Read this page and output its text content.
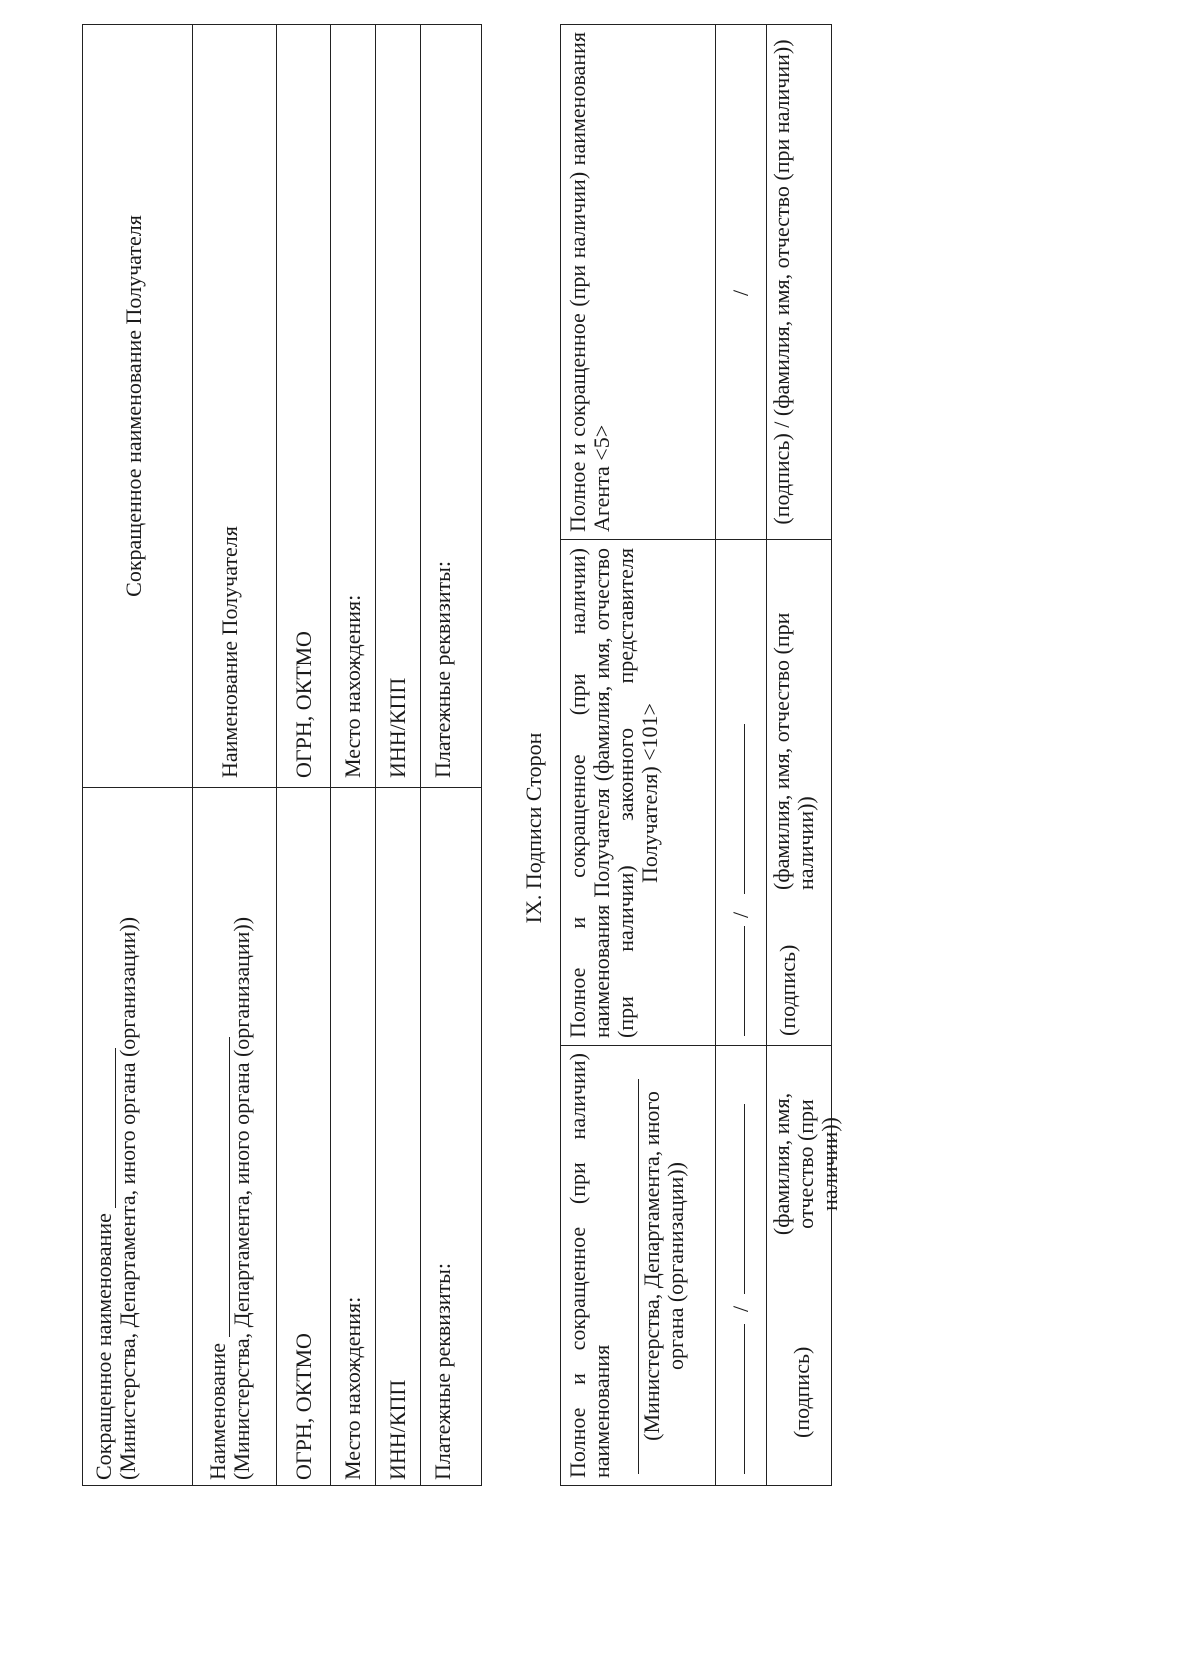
Сокращенное наименование
(Министерства, Департамента, иного органа (организации))	Наименование
(Министерства, Департамента, иного органа (организации)) ОГРН, ОКТМО Место нахождения: ИНН/КПП Платежные реквизиты:
Сокращенное наименование Получателя
Наименование Получателя ОГРН, ОКТМО Место нахождения: ИНН/КПП Платежные реквизиты:
IX. Подписи Сторон
Полное
и
сокращенное
(при
наличии)
наименования (Министерства, Департамента, иного органа (организации)) /
(подпись)
(фамилия, имя, отчество (при наличии))
Полное и сокращенное (при наличии) наименования Получателя (фамилия, имя, отчество (при наличии) законного представителя Получателя) <101>
/
(подпись)
(фамилия, имя, отчество (при наличии))
Полное и сокращенное (при наличии) наименования Агента <5>
/ (подпись) / (фамилия, имя, отчество (при наличии))
